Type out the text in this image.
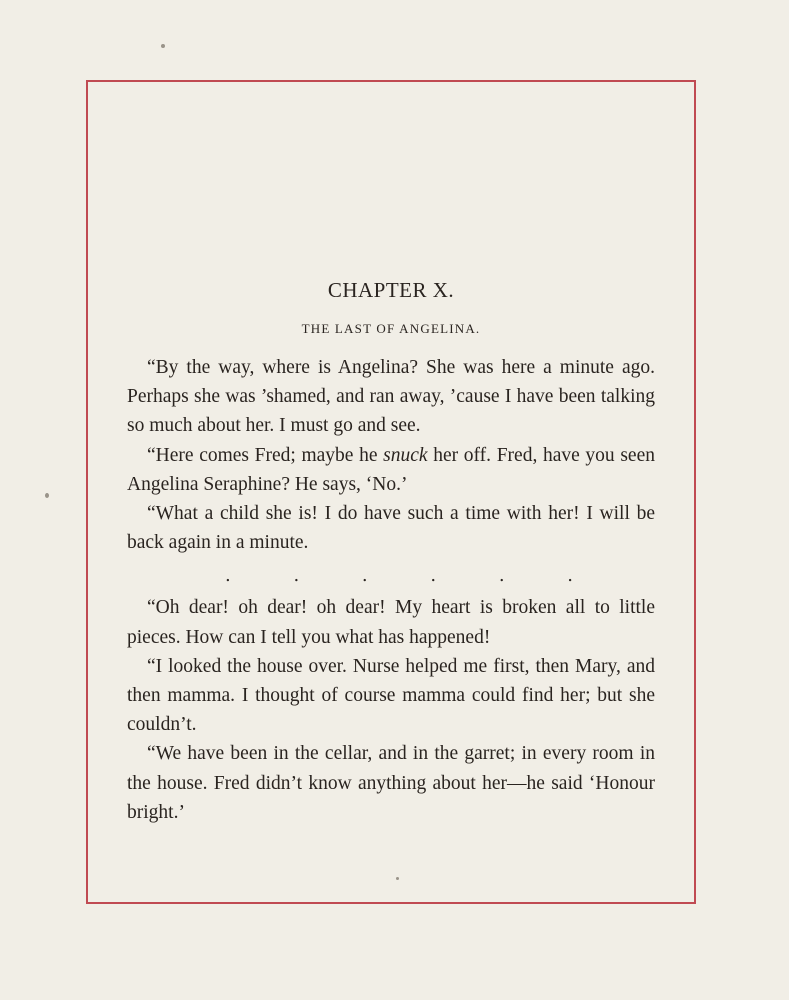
CHAPTER X.
THE LAST OF ANGELINA.

“By the way, where is Angelina? She was here a minute ago. Perhaps she was ’shamed, and ran away, ’cause I have been talking so much about her. I must go and see.

“Here comes Fred; maybe he snuck her off. Fred, have you seen Angelina Seraphine? He says, ‘No.’

“What a child she is! I do have such a time with her! I will be back again in a minute.

.	.	.	.	.	.

“Oh dear! oh dear! oh dear! My heart is broken all to little pieces. How can I tell you what has happened!

“I looked the house over. Nurse helped me first, then Mary, and then mamma. I thought of course mamma could find her; but she couldn’t.

“We have been in the cellar, and in the garret; in every room in the house. Fred didn’t know anything about her—he said ‘Honour bright.’
